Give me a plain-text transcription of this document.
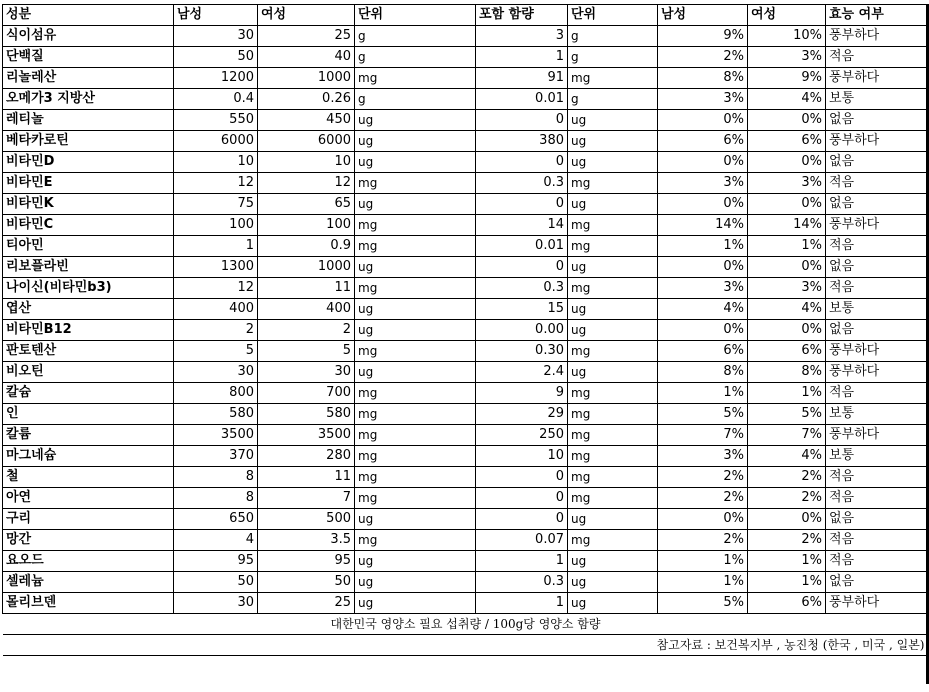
성분	남성	여성	단위	포함 함량	단위	남성	여성	효능 여부
식이섬유	30	25	g	3	g	9%	10%	풍부하다
단백질	50	40	g	1	g	2%	3%	적음
리놀레산	1200	1000	mg	91	mg	8%	9%	풍부하다
오메가3 지방산	0.4	0.26	g	0.01	g	3%	4%	보통
레티놀	550	450	ug	0	ug	0%	0%	없음
베타카로틴	6000	6000	ug	380	ug	6%	6%	풍부하다
비타민D	10	10	ug	0	ug	0%	0%	없음
비타민E	12	12	mg	0.3	mg	3%	3%	적음
비타민K	75	65	ug	0	ug	0%	0%	없음
비타민C	100	100	mg	14	mg	14%	14%	풍부하다
티아민	1	0.9	mg	0.01	mg	1%	1%	적음
리보플라빈	1300	1000	ug	0	ug	0%	0%	없음
나이신(비타민b3)	12	11	mg	0.3	mg	3%	3%	적음
엽산	400	400	ug	15	ug	4%	4%	보통
비타민B12	2	2	ug	0.00	ug	0%	0%	없음
판토텐산	5	5	mg	0.30	mg	6%	6%	풍부하다
비오틴	30	30	ug	2.4	ug	8%	8%	풍부하다
칼슘	800	700	mg	9	mg	1%	1%	적음
인	580	580	mg	29	mg	5%	5%	보통
칼륨	3500	3500	mg	250	mg	7%	7%	풍부하다
마그네슘	370	280	mg	10	mg	3%	4%	보통
철	8	11	mg	0	mg	2%	2%	적음
아연	8	7	mg	0	mg	2%	2%	적음
구리	650	500	ug	0	ug	0%	0%	없음
망간	4	3.5	mg	0.07	mg	2%	2%	적음
요오드	95	95	ug	1	ug	1%	1%	적음
셀레늄	50	50	ug	0.3	ug	1%	1%	없음
몰리브덴	30	25	ug	1	ug	5%	6%	풍부하다
대한민국 영양소 필요 섭취량 / 100g당 영양소 함량								
참고자료 : 보건복지부 , 농진청 (한국 , 미국 , 일본)								
